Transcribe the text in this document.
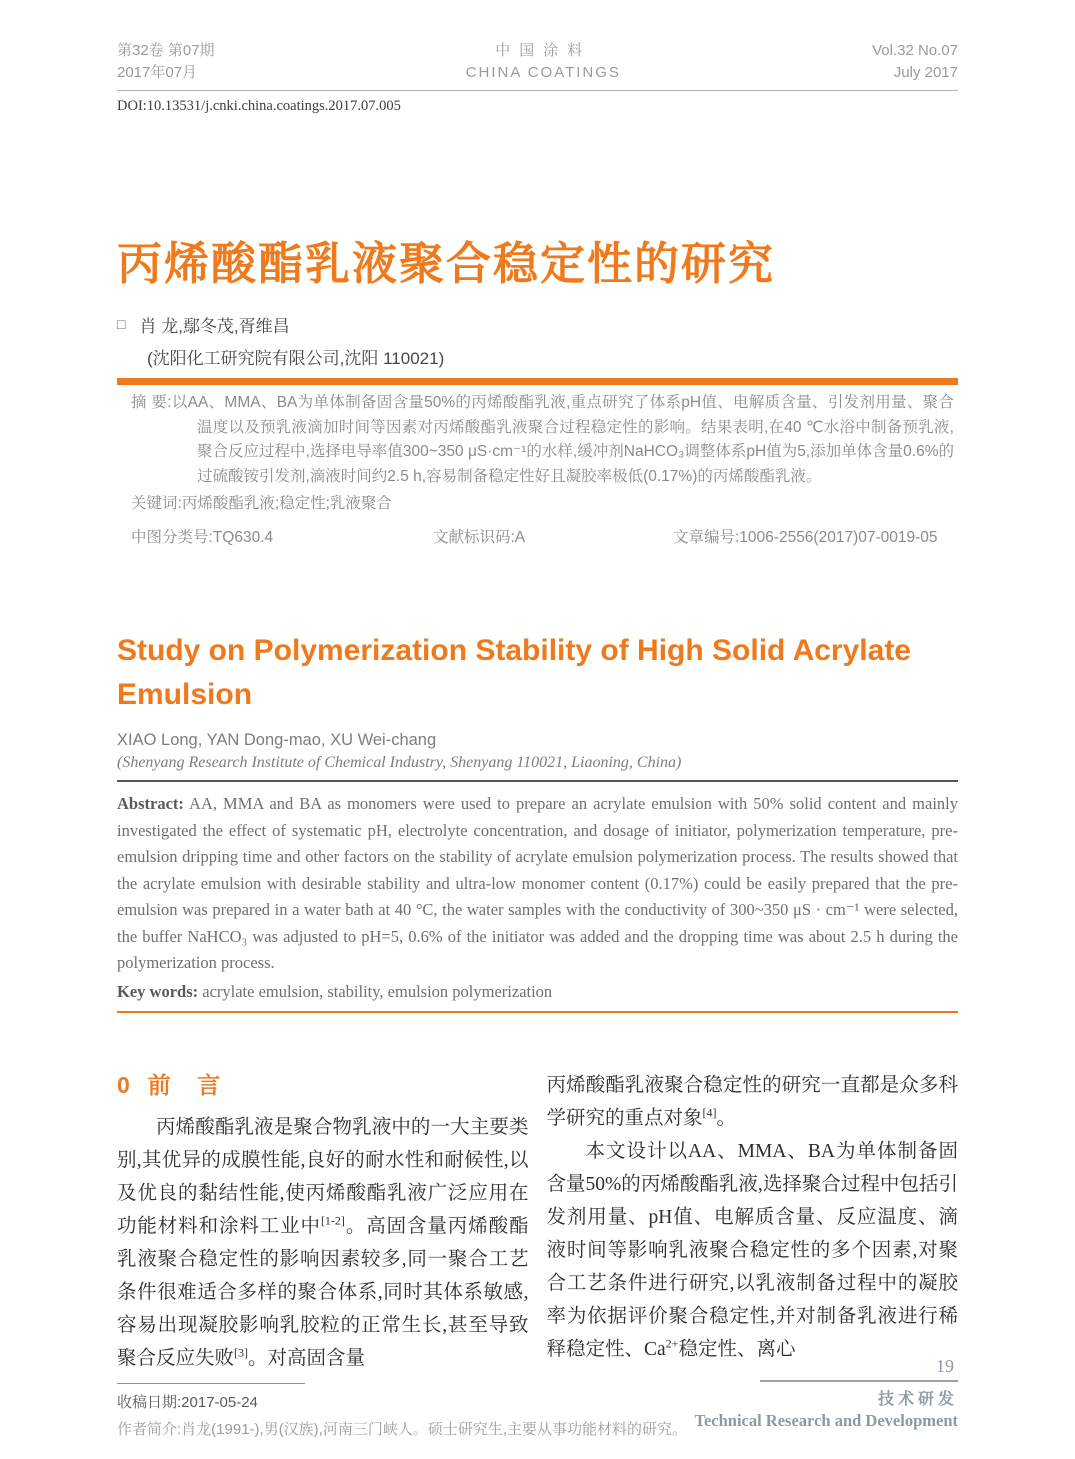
第32卷 第07期
2017年07月
中国涂料
CHINA COATINGS
Vol.32 No.07
July 2017
DOI:10.13531/j.cnki.china.coatings.2017.07.005
丙烯酸酯乳液聚合稳定性的研究
□ 肖 龙,鄢冬茂,胥维昌
(沈阳化工研究院有限公司,沈阳 110021)

摘 要:以AA、MMA、BA为单体制备固含量50%的丙烯酸酯乳液,重点研究了体系pH值、电解质含量、引发剂用量、聚合温度以及预乳液滴加时间等因素对丙烯酸酯乳液聚合过程稳定性的影响。结果表明,在40 ℃水浴中制备预乳液,聚合反应过程中,选择电导率值300~350 μS·cm⁻¹的水样,缓冲剂NaHCO₃调整体系pH值为5,添加单体含量0.6%的过硫酸铵引发剂,滴液时间约2.5 h,容易制备稳定性好且凝胶率极低(0.17%)的丙烯酸酯乳液。

关键词:丙烯酸酯乳液;稳定性;乳液聚合

中图分类号:TQ630.4	文献标识码:A	文章编号:1006-2556(2017)07-0019-05
Study on Polymerization Stability of High Solid Acrylate Emulsion
XIAO Long, YAN Dong-mao, XU Wei-chang
(Shenyang Research Institute of Chemical Industry, Shenyang 110021, Liaoning, China)

Abstract: AA, MMA and BA as monomers were used to prepare an acrylate emulsion with 50% solid content and mainly investigated the effect of systematic pH, electrolyte concentration, and dosage of initiator, polymerization temperature, pre-emulsion dripping time and other factors on the stability of acrylate emulsion polymerization process. The results showed that the acrylate emulsion with desirable stability and ultra-low monomer content (0.17%) could be easily prepared that the pre-emulsion was prepared in a water bath at 40 °C, the water samples with the conductivity of 300~350 μS · cm⁻¹ were selected, the buffer NaHCO₃ was adjusted to pH=5, 0.6% of the initiator was added and the dropping time was about 2.5 h during the polymerization process.

Key words: acrylate emulsion, stability, emulsion polymerization

0 前 言

丙烯酸酯乳液是聚合物乳液中的一大主要类别,其优异的成膜性能,良好的耐水性和耐候性,以及优良的黏结性能,使丙烯酸酯乳液广泛应用在功能材料和涂料工业中[1-2]。高固含量丙烯酸酯乳液聚合稳定性的影响因素较多,同一聚合工艺条件很难适合多样的聚合体系,同时其体系敏感,容易出现凝胶影响乳胶粒的正常生长,甚至导致聚合反应失败[3]。对高固含量

丙烯酸酯乳液聚合稳定性的研究一直都是众多科学研究的重点对象[4]。

本文设计以AA、MMA、BA为单体制备固含量50%的丙烯酸酯乳液,选择聚合过程中包括引发剂用量、pH值、电解质含量、反应温度、滴液时间等影响乳液聚合稳定性的多个因素,对聚合工艺条件进行研究,以乳液制备过程中的凝胶率为依据评价聚合稳定性,并对制备乳液进行稀释稳定性、$Ca^{2+}$稳定性、离心

收稿日期:2017-05-24
作者简介:肖龙(1991-),男(汉族),河南三门峡人。硕士研究生,主要从事功能材料的研究。
19
技术研发
Technical Research and Development
